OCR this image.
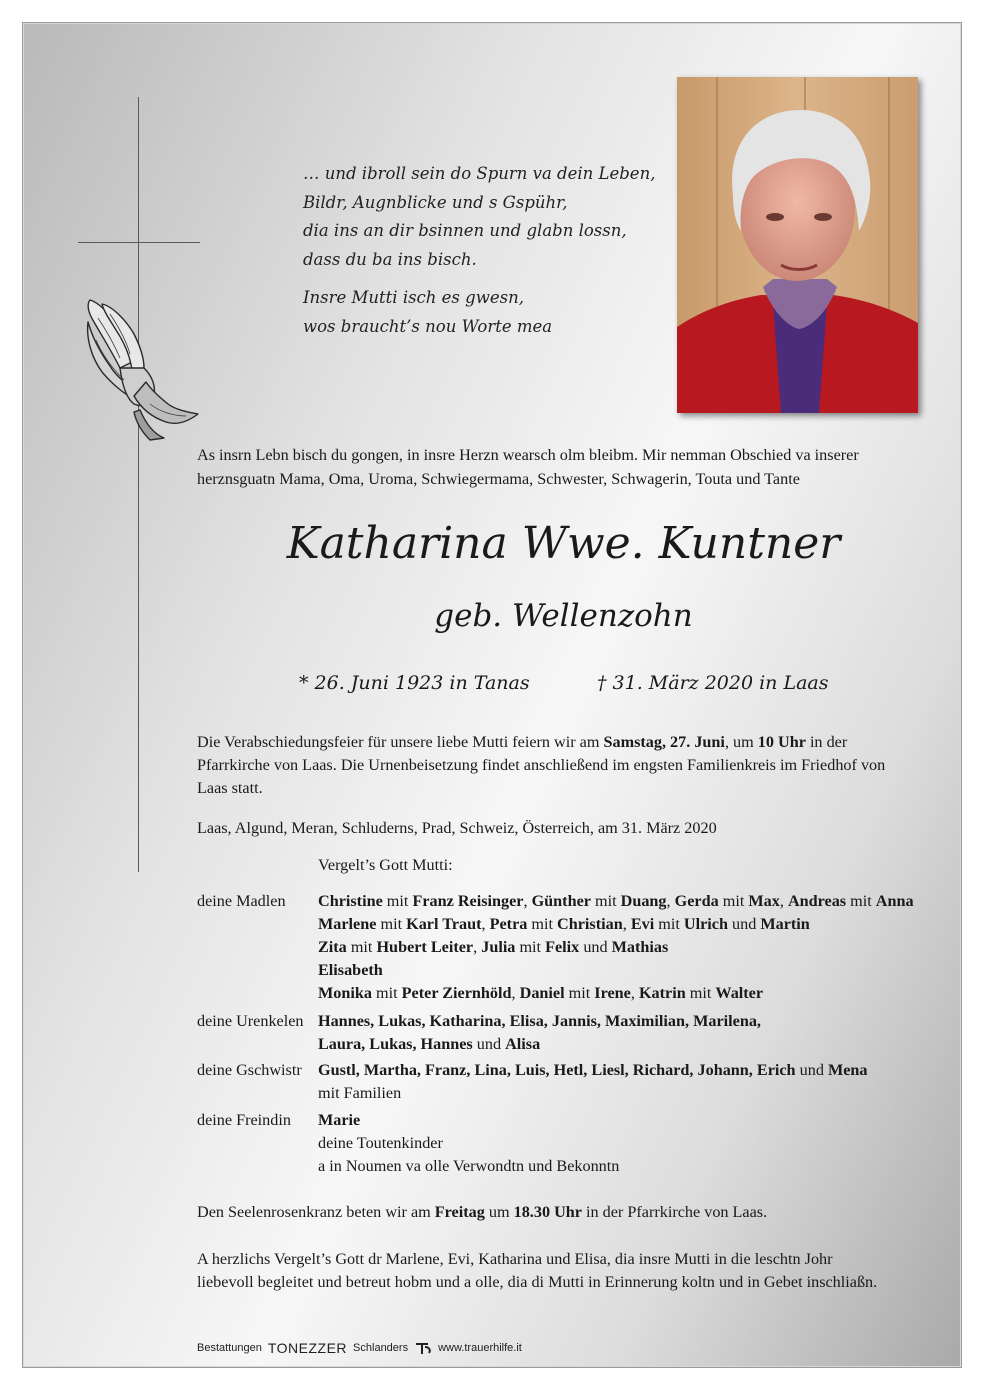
… und ibroll sein do Spurn va dein Leben,
Bildr, Augnblicke und s Gspühr,
dia ins an dir bsinnen und glabn lossn,
dass du ba ins bisch.
Insre Mutti isch es gwesn,
wos braucht’s nou Worte mea
As insrn Lebn bisch du gongen, in insre Herzn wearsch olm bleibm. Mir nemman Obschied va inserer
herznsguatn Mama, Oma, Uroma, Schwiegermama, Schwester, Schwagerin, Touta und Tante
Katharina Wwe. Kuntner
geb. Wellenzohn
* 26. Juni 1923 in Tanas	† 31. März 2020 in Laas
Die Verabschiedungsfeier für unsere liebe Mutti feiern wir am Samstag, 27. Juni, um 10 Uhr in der
Pfarrkirche von Laas. Die Urnenbeisetzung findet anschließend im engsten Familienkreis im Friedhof von
Laas statt.
Laas, Algund, Meran, Schluderns, Prad, Schweiz, Österreich, am 31. März 2020
Vergelt’s Gott Mutti:
deine Madlen Christine mit Franz Reisinger, Günther mit Duang, Gerda mit Max, Andreas mit Anna
Marlene mit Karl Traut, Petra mit Christian, Evi mit Ulrich und Martin
Zita mit Hubert Leiter, Julia mit Felix und Mathias
Elisabeth
Monika mit Peter Ziernhöld, Daniel mit Irene, Katrin mit Walter
deine Urenkelen Hannes, Lukas, Katharina, Elisa, Jannis, Maximilian, Marilena,
Laura, Lukas, Hannes und Alisa
deine Gschwistr Gustl, Martha, Franz, Lina, Luis, Hetl, Liesl, Richard, Johann, Erich und Mena
mit Familien
deine Freindin Marie
deine Toutenkinder
a in Noumen va olle Verwondtn und Bekonntn
Den Seelenrosenkranz beten wir am Freitag um 18.30 Uhr in der Pfarrkirche von Laas.
A herzlichs Vergelt’s Gott dr Marlene, Evi, Katharina und Elisa, dia insre Mutti in die leschtn Johr
liebevoll begleitet und betreut hobm und a olle, dia di Mutti in Erinnerung koltn und in Gebet inschliaßn.
Bestattungen TONEZZER Schlanders	www.trauerhilfe.it
